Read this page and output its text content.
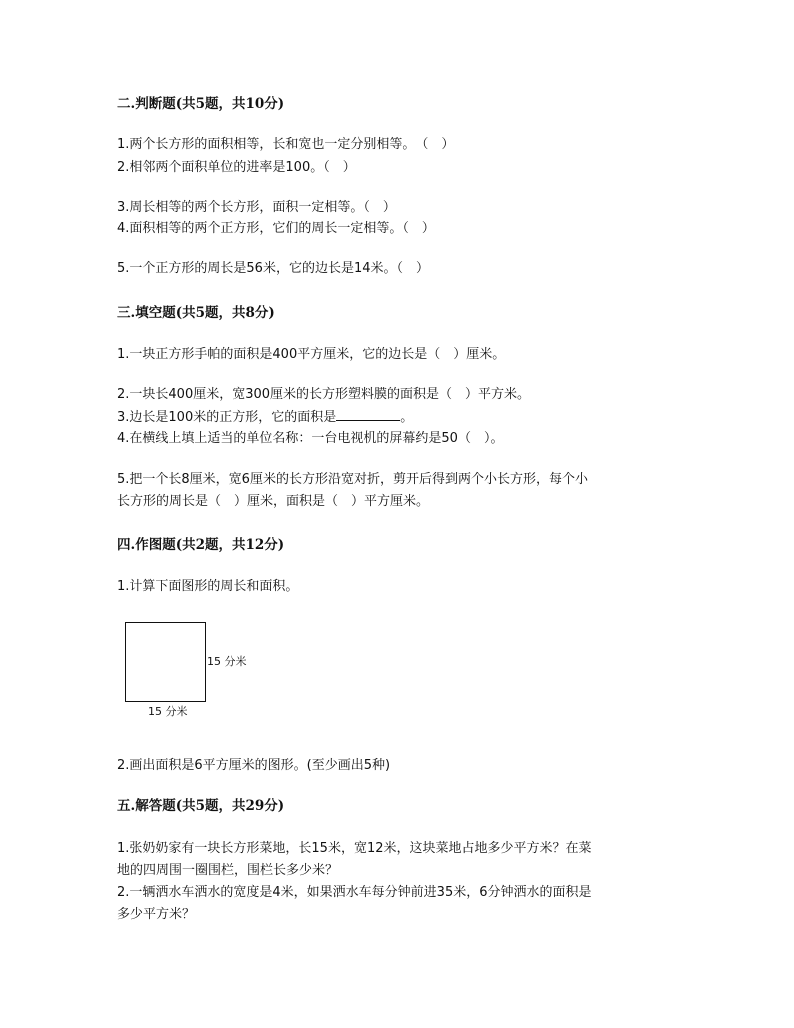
二.判断题(共5题，共10分)
1.两个长方形的面积相等，长和宽也一定分别相等。　（　）
2.相邻两个面积单位的进率是100。（　）
3.周长相等的两个长方形，面积一定相等。（　）
4.面积相等的两个正方形，它们的周长一定相等。（　）
5.一个正方形的周长是56米，它的边长是14米。（　）
三.填空题(共5题，共8分)
1.一块正方形手帕的面积是400平方厘米，它的边长是（　）厘米。
2.一块长400厘米，宽300厘米的长方形塑料膜的面积是（　）平方米。
3.边长是100米的正方形，它的面积是	。
4.在横线上填上适当的单位名称：一台电视机的屏幕约是50（　）。
5.把一个长8厘米，宽6厘米的长方形沿宽对折，剪开后得到两个小长方形，每个小
长方形的周长是（　）厘米，面积是（　）平方厘米。
四.作图题(共2题，共12分)
1.计算下面图形的周长和面积。
15 分米
15 分米
2.画出面积是6平方厘米的图形。(至少画出5种)
五.解答题(共5题，共29分)
1.张奶奶家有一块长方形菜地，长15米，宽12米，这块菜地占地多少平方米？在菜
地的四周围一圈围栏，围栏长多少米？
2.一辆洒水车洒水的宽度是4米，如果洒水车每分钟前进35米，6分钟洒水的面积是
多少平方米？
